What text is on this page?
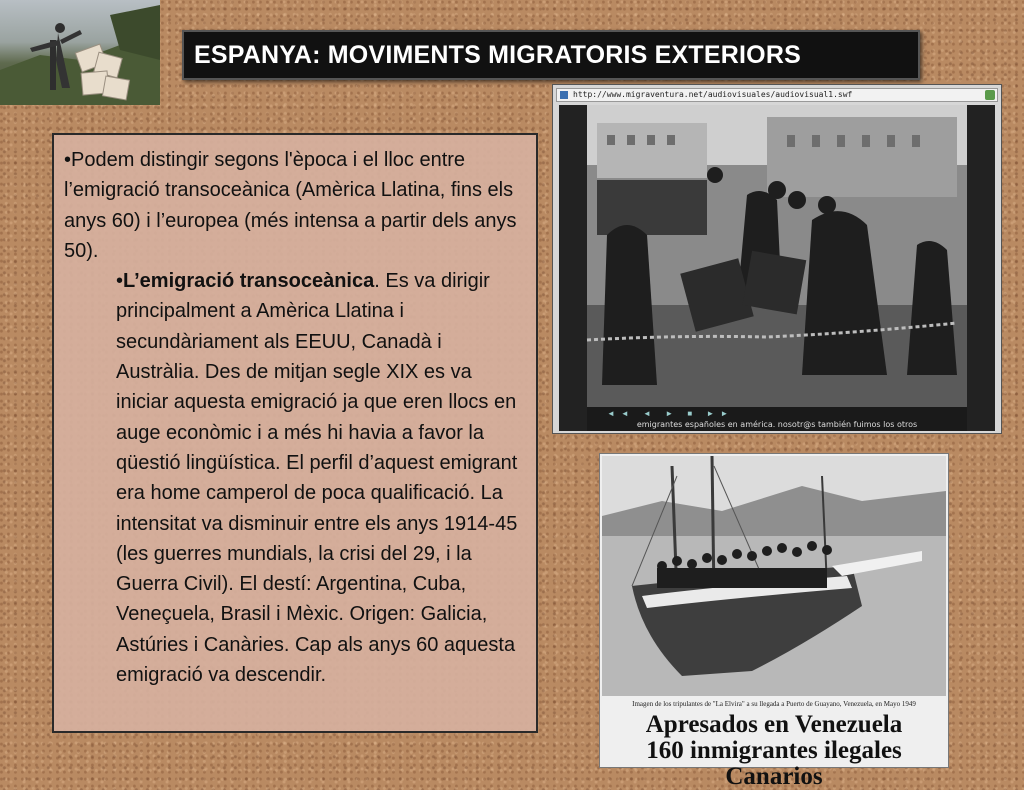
ESPANYA: MOVIMENTS MIGRATORIS EXTERIORS

•Podem distingir segons l'època i el lloc entre l’emigració transoceànica (Amèrica Llatina, fins els anys 60) i l’europea (més intensa a partir dels anys 50).

•L’emigració transoceànica. Es va dirigir principalment a Amèrica Llatina i secundàriament als EEUU, Canadà i Austràlia. Des de mitjan segle XIX es va iniciar aquesta emigració ja que eren llocs en auge econòmic i a més hi havia a favor la qüestió lingüística. El perfil d’aquest emigrant era home camperol de poca qualificació. La intensitat va disminuir entre els anys 1914-45 (les guerres mundials, la crisi del 29, i la Guerra Civil). El destí: Argentina, Cuba, Veneçuela, Brasil i Mèxic. Origen: Galicia, Astúries i Canàries. Cap als anys 60 aquesta emigració va descendir.

http://www.migraventura.net/audiovisuales/audiovisual1.swf
◄◄ ◄ ► ■ ►►
emigrantes españoles en américa. nosotr@s también fuimos los otros
Imagen de los tripulantes de "La Elvira" a su llegada a Puerto de Guayano, Venezuela, en Mayo 1949
Apresados en Venezuela
160 inmigrantes ilegales Canarios
